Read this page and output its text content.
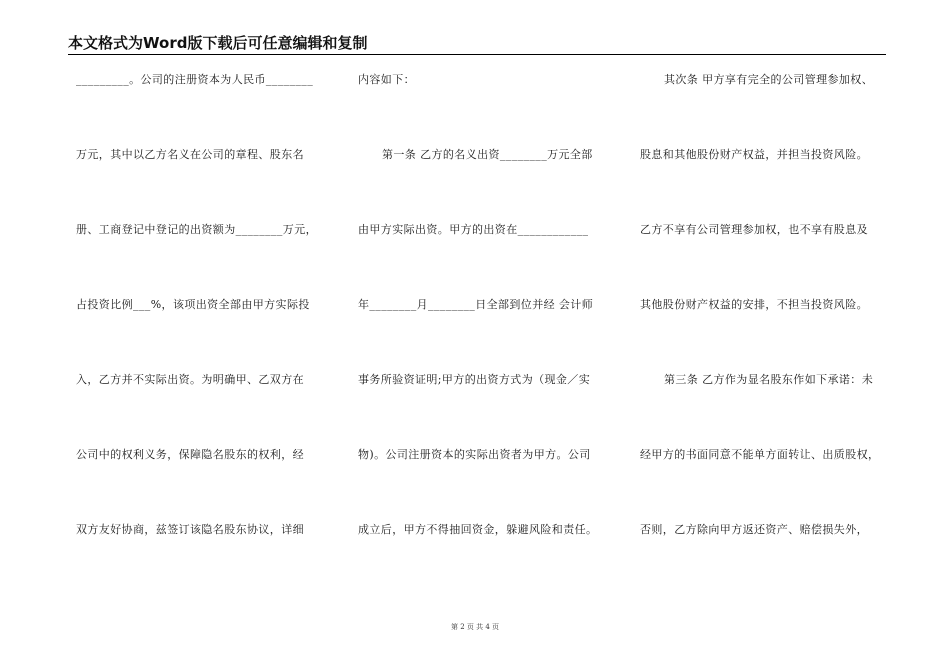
本文格式为Word版下载后可任意编辑和复制
_________。公司的注册资本为人民币________
万元，其中以乙方名义在公司的章程、股东名
册、工商登记中登记的出资额为________万元，
占投资比例___%，该项出资全部由甲方实际投
入，乙方并不实际出资。为明确甲、乙双方在
公司中的权利义务，保障隐名股东的权利，经
双方友好协商，兹签订该隐名股东协议，详细
内容如下：
第一条 乙方的名义出资________万元全部
由甲方实际出资。甲方的出资在____________
年________月________日全部到位并经 会计师
事务所验资证明;甲方的出资方式为（现金／实
物)。公司注册资本的实际出资者为甲方。公司
成立后，甲方不得抽回资金，躲避风险和责任。
其次条 甲方享有完全的公司管理参加权、
股息和其他股份财产权益，并担当投资风险。
乙方不享有公司管理参加权，也不享有股息及
其他股份财产权益的安排，不担当投资风险。
第三条 乙方作为显名股东作如下承诺：未
经甲方的书面同意不能单方面转让、出质股权，
否则，乙方除向甲方返还资产、赔偿损失外，
第 2 页 共 4 页
